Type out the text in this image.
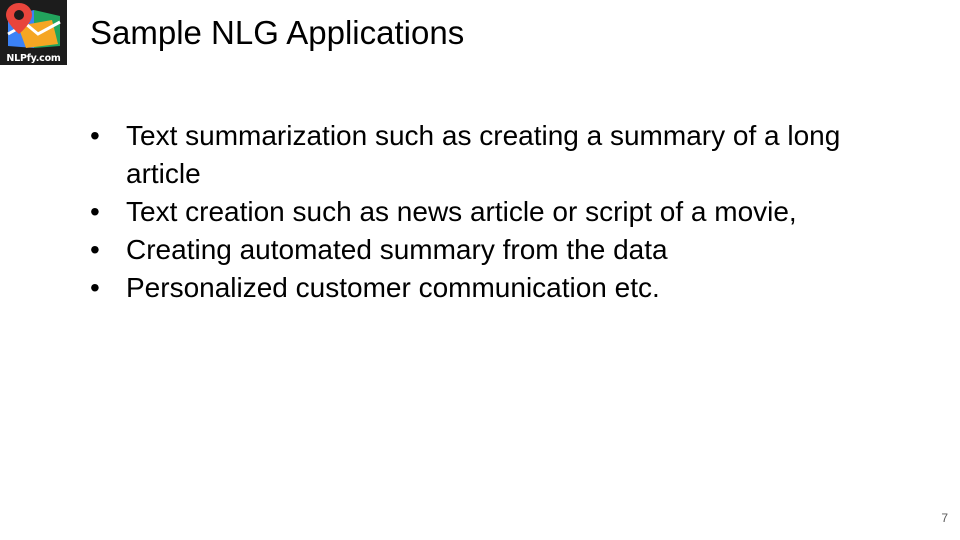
NLPfy.com
Sample NLG Applications
• Text summarization such as creating a summary of a long article
• Text creation such as news article or script of a movie,
• Creating automated summary from the data
• Personalized customer communication etc.
7
